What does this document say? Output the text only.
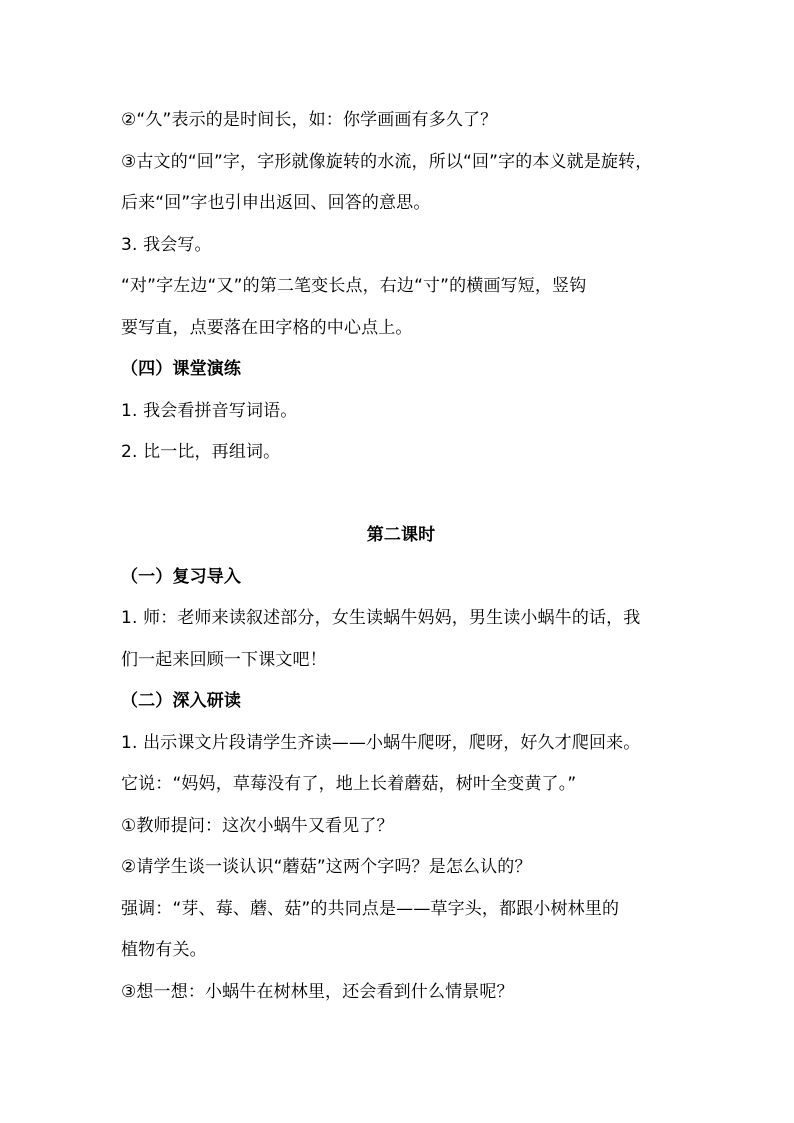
②“久”表示的是时间长，如：你学画画有多久了？
③古文的“回”字，字形就像旋转的水流，所以“回”字的本义就是旋转，
后来“回”字也引申出返回、回答的意思。
3. 我会写。
“对”字左边“又”的第二笔变长点，右边“寸”的横画写短，竖钩
要写直，点要落在田字格的中心点上。
（四）课堂演练
1. 我会看拼音写词语。
2. 比一比，再组词。
第二课时
（一）复习导入
1. 师：老师来读叙述部分，女生读蜗牛妈妈，男生读小蜗牛的话，我
们一起来回顾一下课文吧！
（二）深入研读
1. 出示课文片段请学生齐读——小蜗牛爬呀，爬呀，好久才爬回来。
它说：“妈妈，草莓没有了，地上长着蘑菇，树叶全变黄了。”
①教师提问：这次小蜗牛又看见了？
②请学生谈一谈认识“蘑菇”这两个字吗？是怎么认的？
强调：“芽、莓、蘑、菇”的共同点是——草字头，都跟小树林里的
植物有关。
③想一想：小蜗牛在树林里，还会看到什么情景呢？
